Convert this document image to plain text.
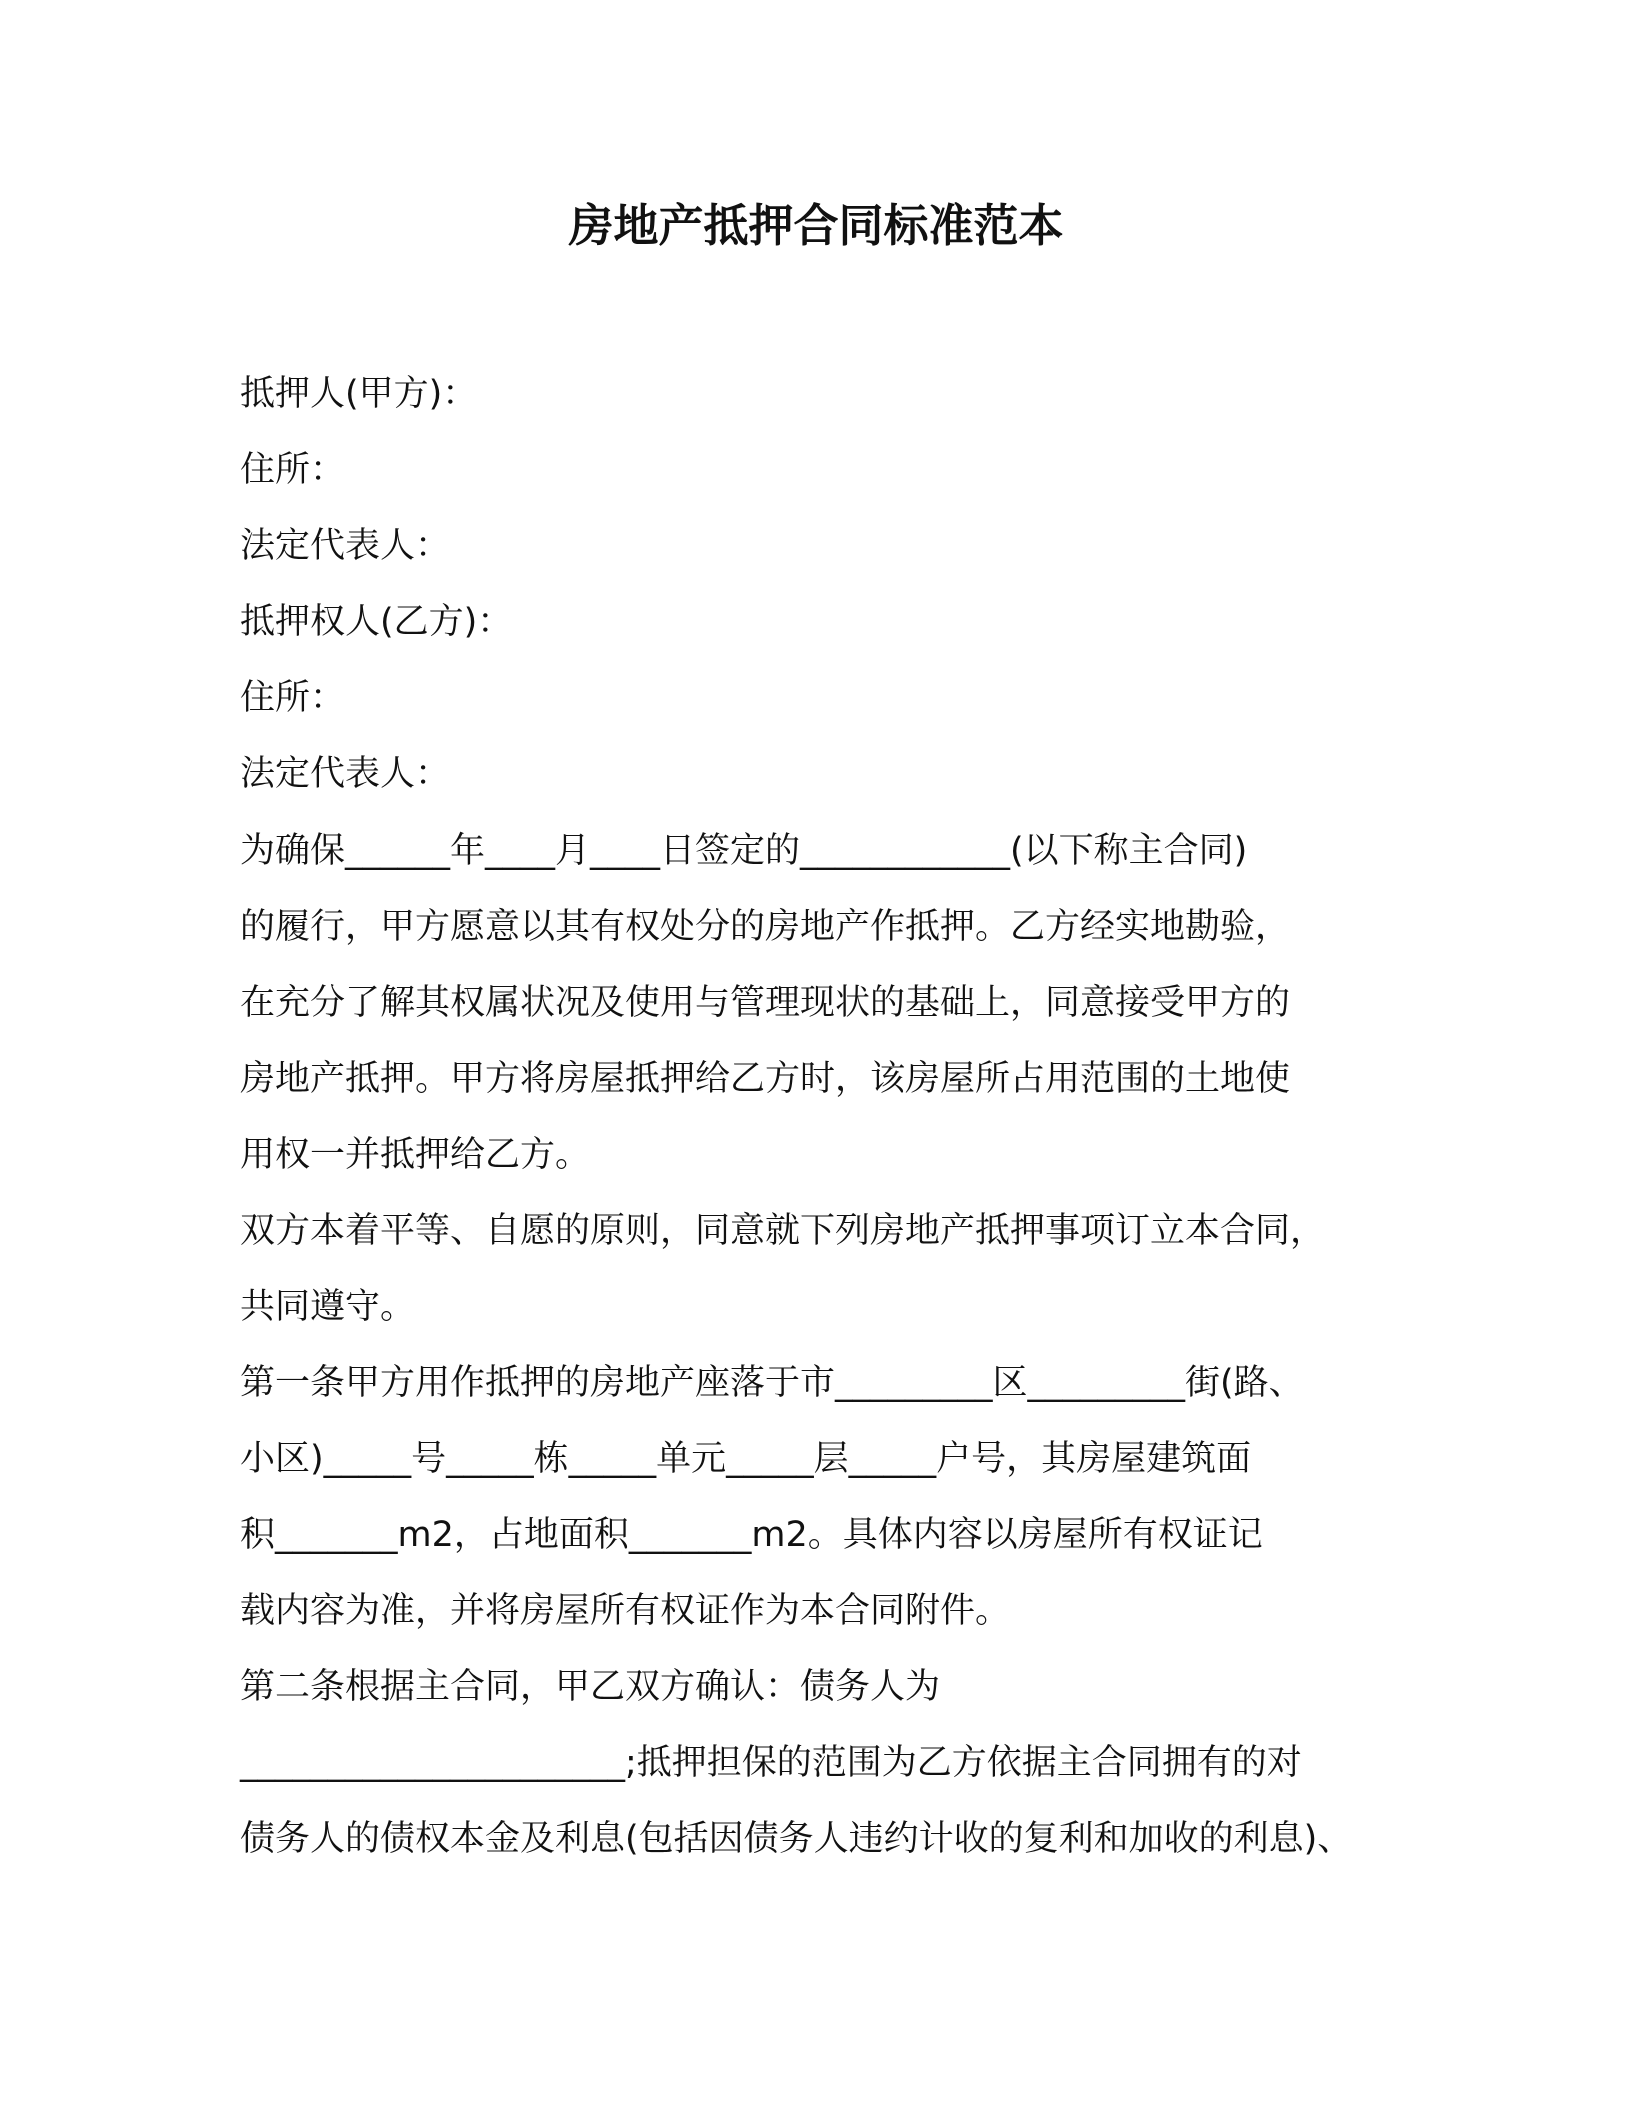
房地产抵押合同标准范本
抵押人(甲方)：
住所：
法定代表人：
抵押权人(乙方)：
住所：
法定代表人：
为确保______年____月____日签定的____________(以下称主合同)
的履行，甲方愿意以其有权处分的房地产作抵押。乙方经实地勘验，
在充分了解其权属状况及使用与管理现状的基础上，同意接受甲方的
房地产抵押。甲方将房屋抵押给乙方时，该房屋所占用范围的土地使
用权一并抵押给乙方。
双方本着平等、自愿的原则，同意就下列房地产抵押事项订立本合同，
共同遵守。
第一条甲方用作抵押的房地产座落于市_________区_________街(路、
小区)_____号_____栋_____单元_____层_____户号，其房屋建筑面
积_______m2，占地面积_______m2。具体内容以房屋所有权证记
载内容为准，并将房屋所有权证作为本合同附件。
第二条根据主合同，甲乙双方确认：债务人为
______________________;抵押担保的范围为乙方依据主合同拥有的对
债务人的债权本金及利息(包括因债务人违约计收的复利和加收的利息)、
